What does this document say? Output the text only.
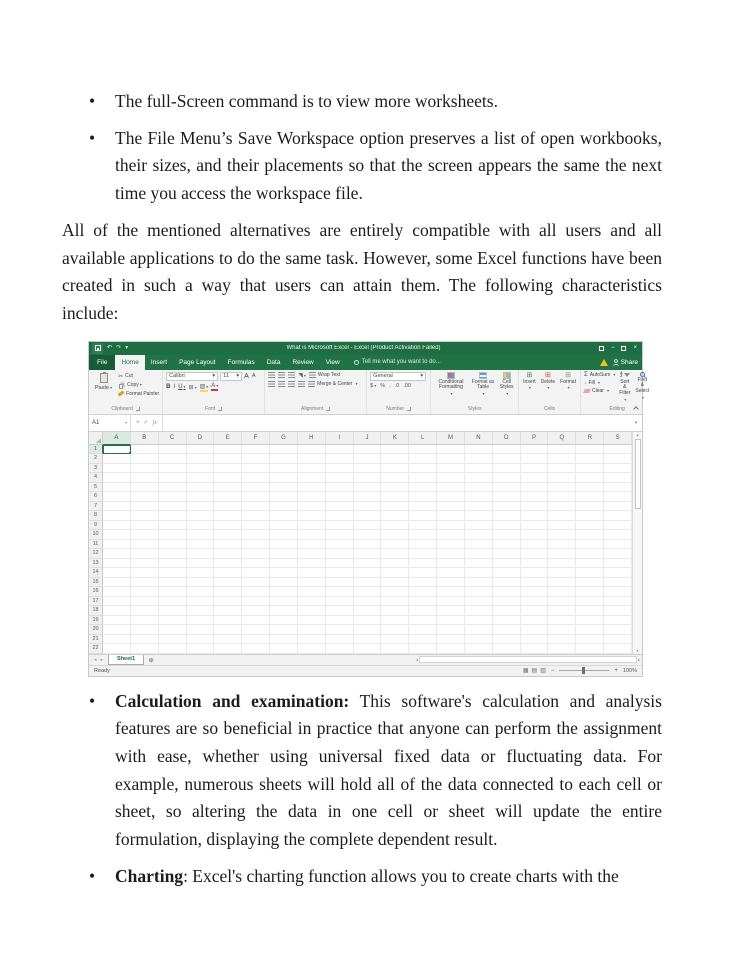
• The full-Screen command is to view more worksheets.
• The File Menu’s Save Workspace option preserves a list of open workbooks, their sizes, and their placements so that the screen appears the same the next time you access the workspace file.

All of the mentioned alternatives are entirely compatible with all users and all available applications to do the same task. However, some Excel functions have been created in such a way that users can attain them. The following characteristics include:

↶ ↷ ▾	What is Microsoft Excel - Excel (Product Activation Failed)	−	×
File	Home	Insert	Page Layout	Formulas	Data	Review	View	Tell me what you want to do...	Share
Paste ▾
✂ Cut
Copy ▾
Format Painter
Clipboard
Calibri	▾ 11 ▾ A A
B I U ▾	⊞ ▾	▨ ▾	A ▾
Font
◥ ▾	Wrap Text
Merge & Center
▾
Alignment
General	▾
$ ▾	% , .0 .00
Number
Conditional Formatting
▾
Format as Table
▾
Cell Styles
▾
Styles
⊞
Insert
▾
⊞
Delete
▾
⊞
Format
▾
Cells
Σ AutoSum
▾
↓ Fill
▾
Clear
▾
A
Z
Sort & Filter
▾
Find & Select
▾
Editing
A1	▾ × ✓ fx	▾
A	B	C	D	E	F	G	H	I	J	K	L	M	N	O	P	Q	R	S
1
2
3
4
5
6
7
8
9
10
11
12
13
14
15
16
17
18
19
20
21
22
▴
▾
◂ ▸	Sheet1	⊕	◂	▸
Ready	▦ ▤ ▥ −	+ 100%
• Calculation and examination: This software's calculation and analysis features are so beneficial in practice that anyone can perform the assignment with ease, whether using universal fixed data or fluctuating data. For example, numerous sheets will hold all of the data connected to each cell or sheet, so altering the data in one cell or sheet will update the entire formulation, displaying the complete dependent result.
• Charting: Excel's charting function allows you to create charts with the
